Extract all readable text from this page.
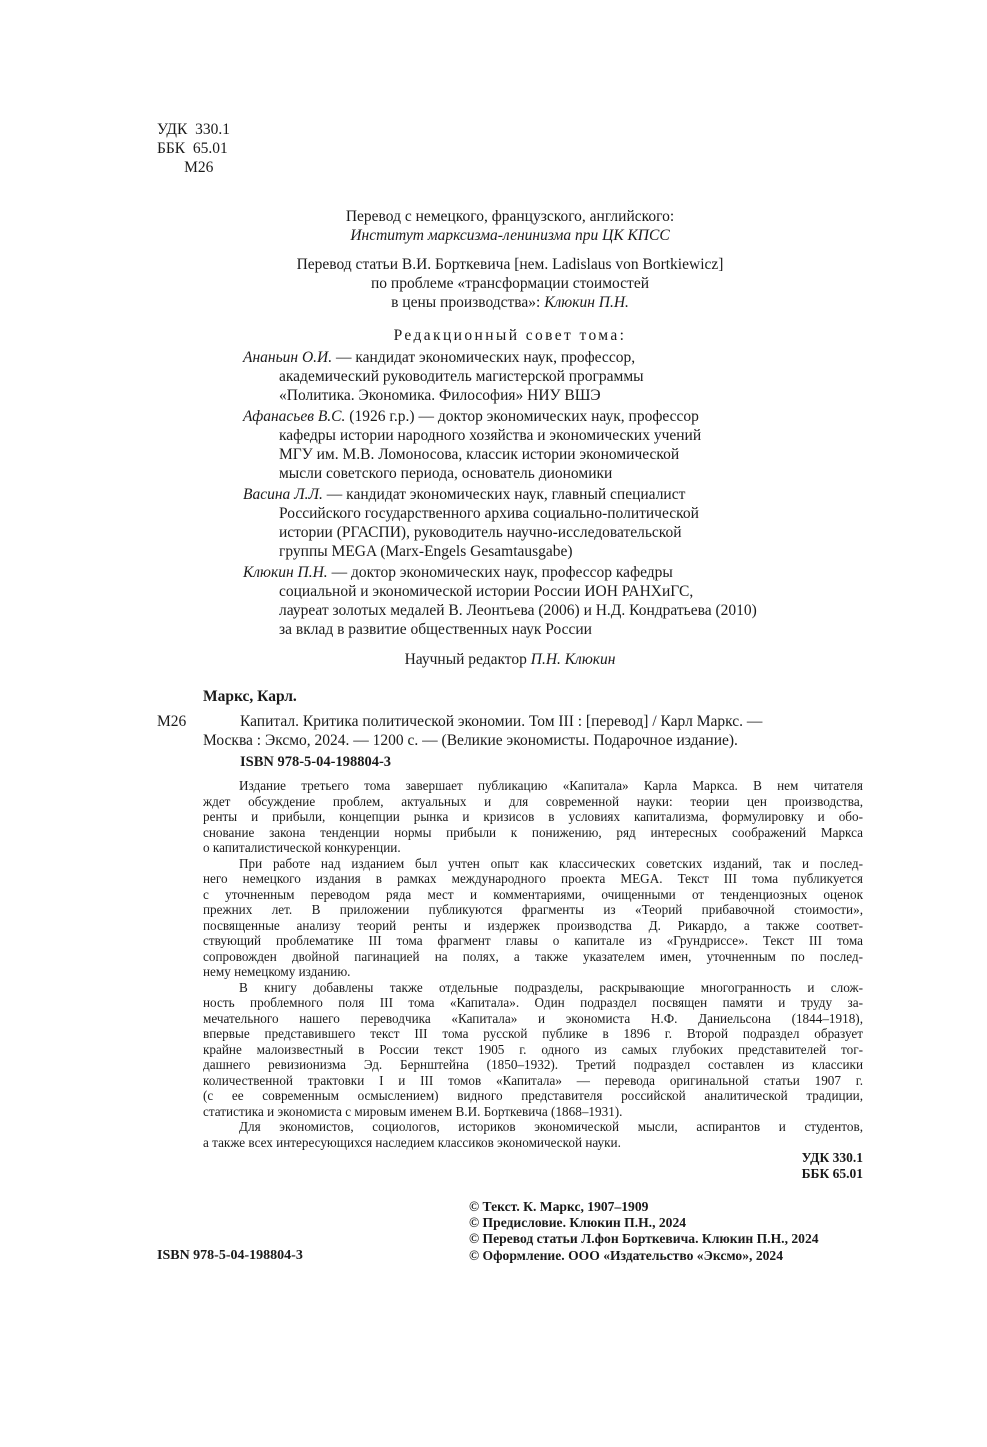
УДК  330.1
ББК  65.01
М26
Перевод с немецкого, французского, английского:
Институт марксизма-ленинизма при ЦК КПСС
Перевод статьи В.И. Борткевича [нем. Ladislaus von Bortkiewicz]
по проблеме «трансформации стоимостей
в цены производства»: Клюкин П.Н.
Редакционный совет тома:
Ананьин О.И. — кандидат экономических наук, профессор,
академический руководитель магистерской программы
«Политика. Экономика. Философия» НИУ ВШЭ
Афанасьев В.С. (1926 г.р.) — доктор экономических наук, профессор
кафедры истории народного хозяйства и экономических учений
МГУ им. М.В. Ломоносова, классик истории экономической
мысли советского периода, основатель диономики
Васина Л.Л. — кандидат экономических наук, главный специалист
Российского государственного архива социально-политической
истории (РГАСПИ), руководитель научно-исследовательской
группы MEGA (Marx-Engels Gesamtausgabe)
Клюкин П.Н. — доктор экономических наук, профессор кафедры
социальной и экономической истории России ИОН РАНХиГС,
лауреат золотых медалей В. Леонтьева (2006) и Н.Д. Кондратьева (2010)
за вклад в развитие общественных наук России
Научный редактор П.Н. Клюкин
Маркс, Карл.
М26	Капитал. Критика политической экономии. Том III : [перевод] / Карл Маркс. —
Москва : Эксмо, 2024. — 1200 с. — (Великие экономисты. Подарочное издание).
ISBN 978-5-04-198804-3
Издание третьего тома завершает публикацию «Капитала» Карла Маркса. В нем читателя
ждет обсуждение проблем, актуальных и для современной науки: теории цен производства,
ренты и прибыли, концепции рынка и кризисов в условиях капитализма, формулировку и обо-
снование закона тенденции нормы прибыли к понижению, ряд интересных соображений Маркса
о капиталистической конкуренции.
При работе над изданием был учтен опыт как классических советских изданий, так и послед-
него немецкого издания в рамках международного проекта MEGA. Текст III тома публикуется
с уточненным переводом ряда мест и комментариями, очищенными от тенденциозных оценок
прежних лет. В приложении публикуются фрагменты из «Теорий прибавочной стоимости»,
посвященные анализу теорий ренты и издержек производства Д. Рикардо, а также соответ-
ствующий проблематике III тома фрагмент главы о капитале из «Грундриссе». Текст III тома
сопровожден двойной пагинацией на полях, а также указателем имен, уточненным по послед-
нему немецкому изданию.
В книгу добавлены также отдельные подразделы, раскрывающие многогранность и слож-
ность проблемного поля III тома «Капитала». Один подраздел посвящен памяти и труду за-
мечательного нашего переводчика «Капитала» и экономиста Н.Ф. Даниельсона (1844–1918),
впервые представившего текст III тома русской публике в 1896 г. Второй подраздел образует
крайне малоизвестный в России текст 1905 г. одного из самых глубоких представителей тог-
дашнего ревизионизма Эд. Бернштейна (1850–1932). Третий подраздел составлен из классики
количественной трактовки I и III томов «Капитала» — перевода оригинальной статьи 1907 г.
(с ее современным осмыслением) видного представителя российской аналитической традиции,
статистика и экономиста с мировым именем В.И. Борткевича (1868–1931).
Для экономистов, социологов, историков экономической мысли, аспирантов и студентов,
а также всех интересующихся наследием классиков экономической науки.
УДК 330.1
ББК 65.01
© Текст. К. Маркс, 1907–1909
© Предисловие. Клюкин П.Н., 2024
© Перевод статьи Л.фон Борткевича. Клюкин П.Н., 2024
© Оформление. ООО «Издательство «Эксмо», 2024
ISBN 978-5-04-198804-3
